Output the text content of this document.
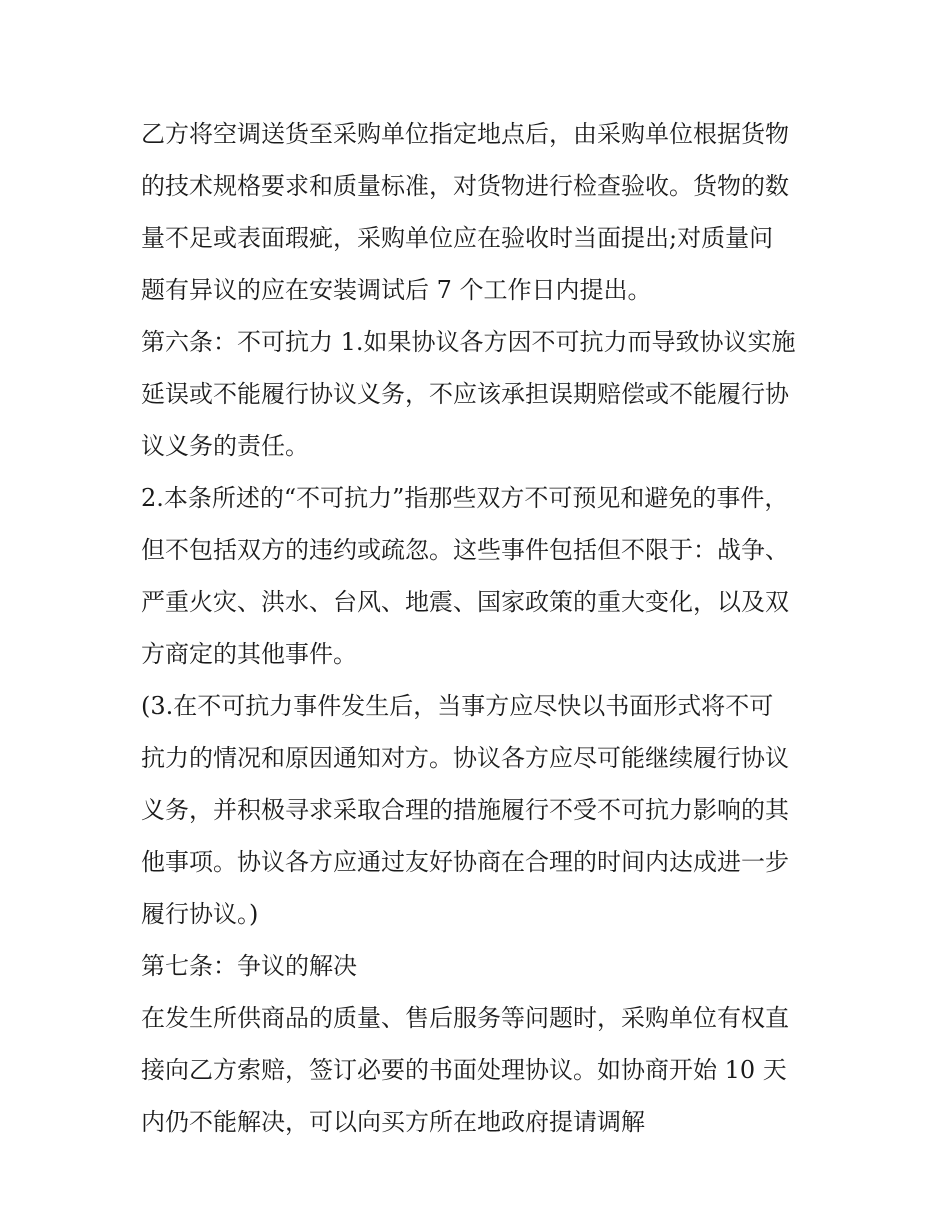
乙方将空调送货至采购单位指定地点后，由采购单位根据货物
的技术规格要求和质量标准，对货物进行检查验收。货物的数
量不足或表面瑕疵，采购单位应在验收时当面提出;对质量问
题有异议的应在安装调试后 7 个工作日内提出。
第六条：不可抗力 1.如果协议各方因不可抗力而导致协议实施
延误或不能履行协议义务，不应该承担误期赔偿或不能履行协
议义务的责任。
2.本条所述的“不可抗力”指那些双方不可预见和避免的事件，
但不包括双方的违约或疏忽。这些事件包括但不限于：战争、
严重火灾、洪水、台风、地震、国家政策的重大变化，以及双
方商定的其他事件。
(3.在不可抗力事件发生后，当事方应尽快以书面形式将不可
抗力的情况和原因通知对方。协议各方应尽可能继续履行协议
义务，并积极寻求采取合理的措施履行不受不可抗力影响的其
他事项。协议各方应通过友好协商在合理的时间内达成进一步
履行协议。)
第七条：争议的解决
在发生所供商品的质量、售后服务等问题时，采购单位有权直
接向乙方索赔，签订必要的书面处理协议。如协商开始 10 天
内仍不能解决，可以向买方所在地政府提请调解
